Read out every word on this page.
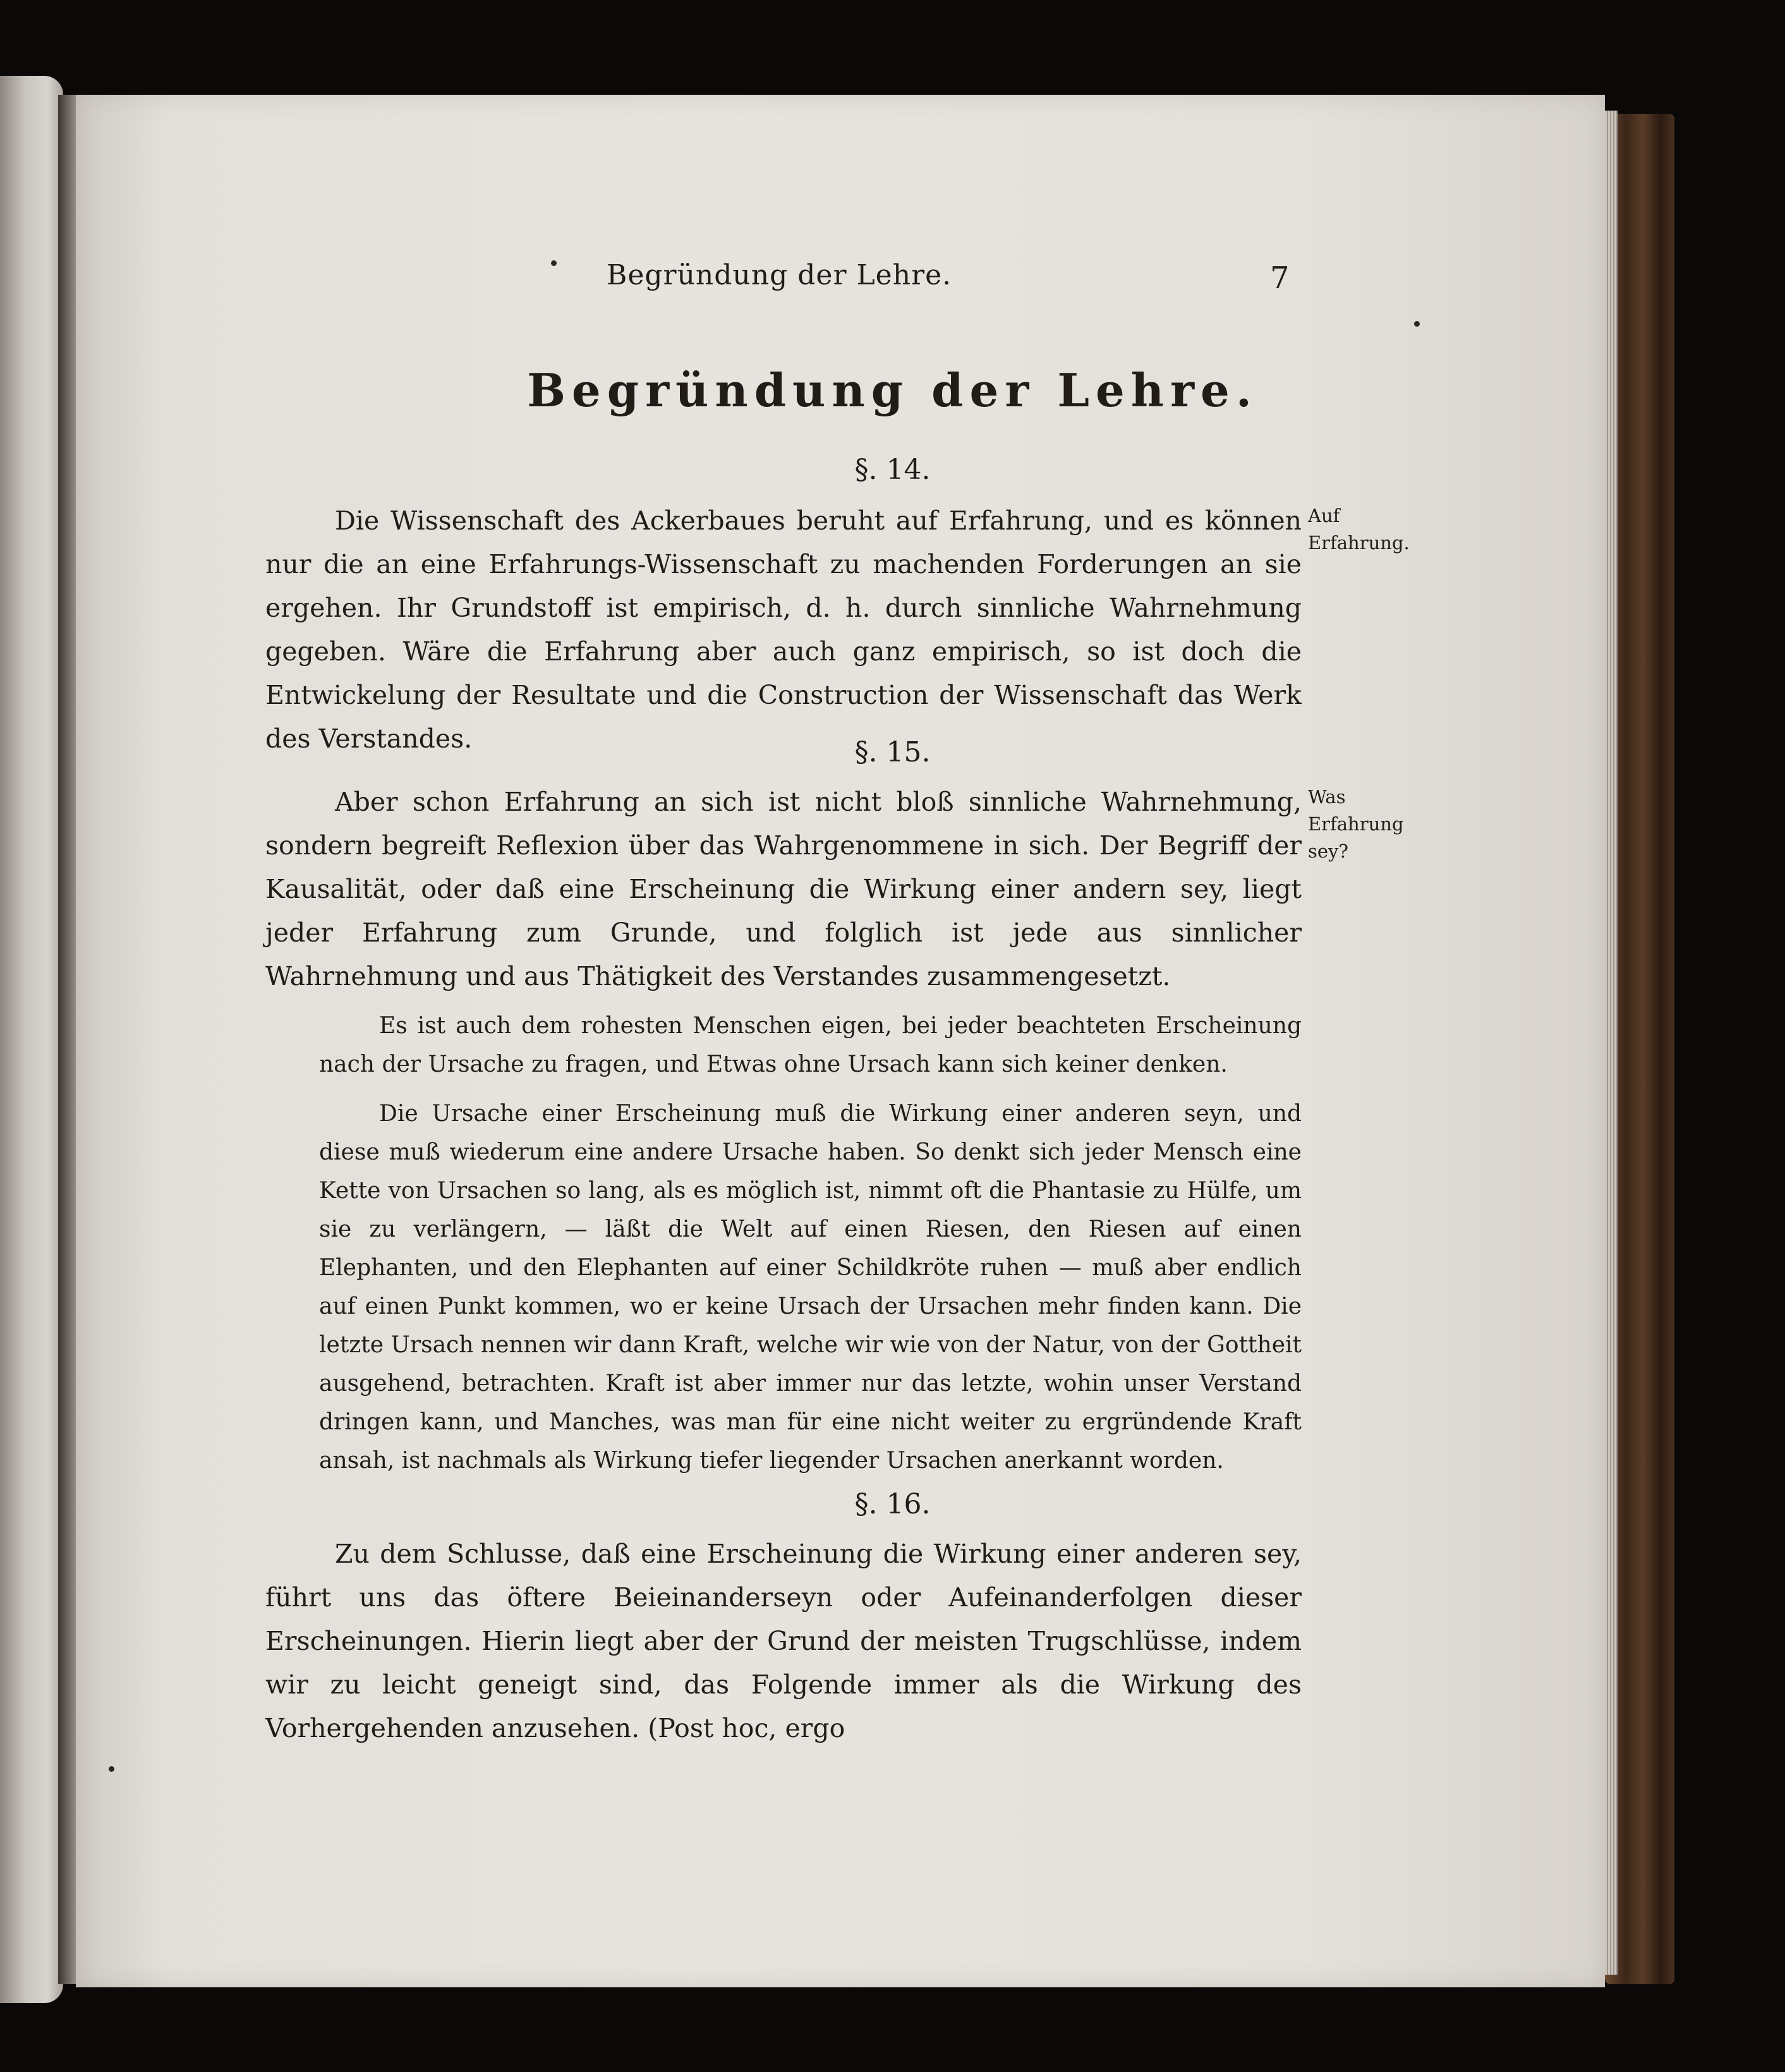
Begründung der Lehre.	7
Begründung der Lehre.
§. 14.
Die Wissenschaft des Ackerbaues beruht auf Erfahrung, und es können nur die an eine Erfahrungs-Wissenschaft zu machenden Forderungen an sie ergehen. Ihr Grundstoff ist empirisch, d. h. durch sinnliche Wahrnehmung gegeben. Wäre die Erfahrung aber auch ganz empirisch, so ist doch die Entwickelung der Resultate und die Construction der Wissenschaft das Werk des Verstandes.
Auf Erfahrung.
§. 15.
Aber schon Erfahrung an sich ist nicht bloß sinnliche Wahrnehmung, sondern begreift Reflexion über das Wahrgenommene in sich. Der Begriff der Kausalität, oder daß eine Erscheinung die Wirkung einer andern sey, liegt jeder Erfahrung zum Grunde, und folglich ist jede aus sinnlicher Wahrnehmung und aus Thätigkeit des Verstandes zusammengesetzt.
Was Erfahrung sey?
Es ist auch dem rohesten Menschen eigen, bei jeder beachteten Erscheinung nach der Ursache zu fragen, und Etwas ohne Ursach kann sich keiner denken.
Die Ursache einer Erscheinung muß die Wirkung einer anderen seyn, und diese muß wiederum eine andere Ursache haben. So denkt sich jeder Mensch eine Kette von Ursachen so lang, als es möglich ist, nimmt oft die Phantasie zu Hülfe, um sie zu verlängern, — läßt die Welt auf einen Riesen, den Riesen auf einen Elephanten, und den Elephanten auf einer Schildkröte ruhen — muß aber endlich auf einen Punkt kommen, wo er keine Ursach der Ursachen mehr finden kann. Die letzte Ursach nennen wir dann Kraft, welche wir wie von der Natur, von der Gottheit ausgehend, betrachten. Kraft ist aber immer nur das letzte, wohin unser Verstand dringen kann, und Manches, was man für eine nicht weiter zu ergründende Kraft ansah, ist nachmals als Wirkung tiefer liegender Ursachen anerkannt worden.
§. 16.
Zu dem Schlusse, daß eine Erscheinung die Wirkung einer anderen sey, führt uns das öftere Beieinanderseyn oder Aufeinanderfolgen dieser Erscheinungen. Hierin liegt aber der Grund der meisten Trugschlüsse, indem wir zu leicht geneigt sind, das Folgende immer als die Wirkung des Vorhergehenden anzusehen. (Post hoc, ergo
